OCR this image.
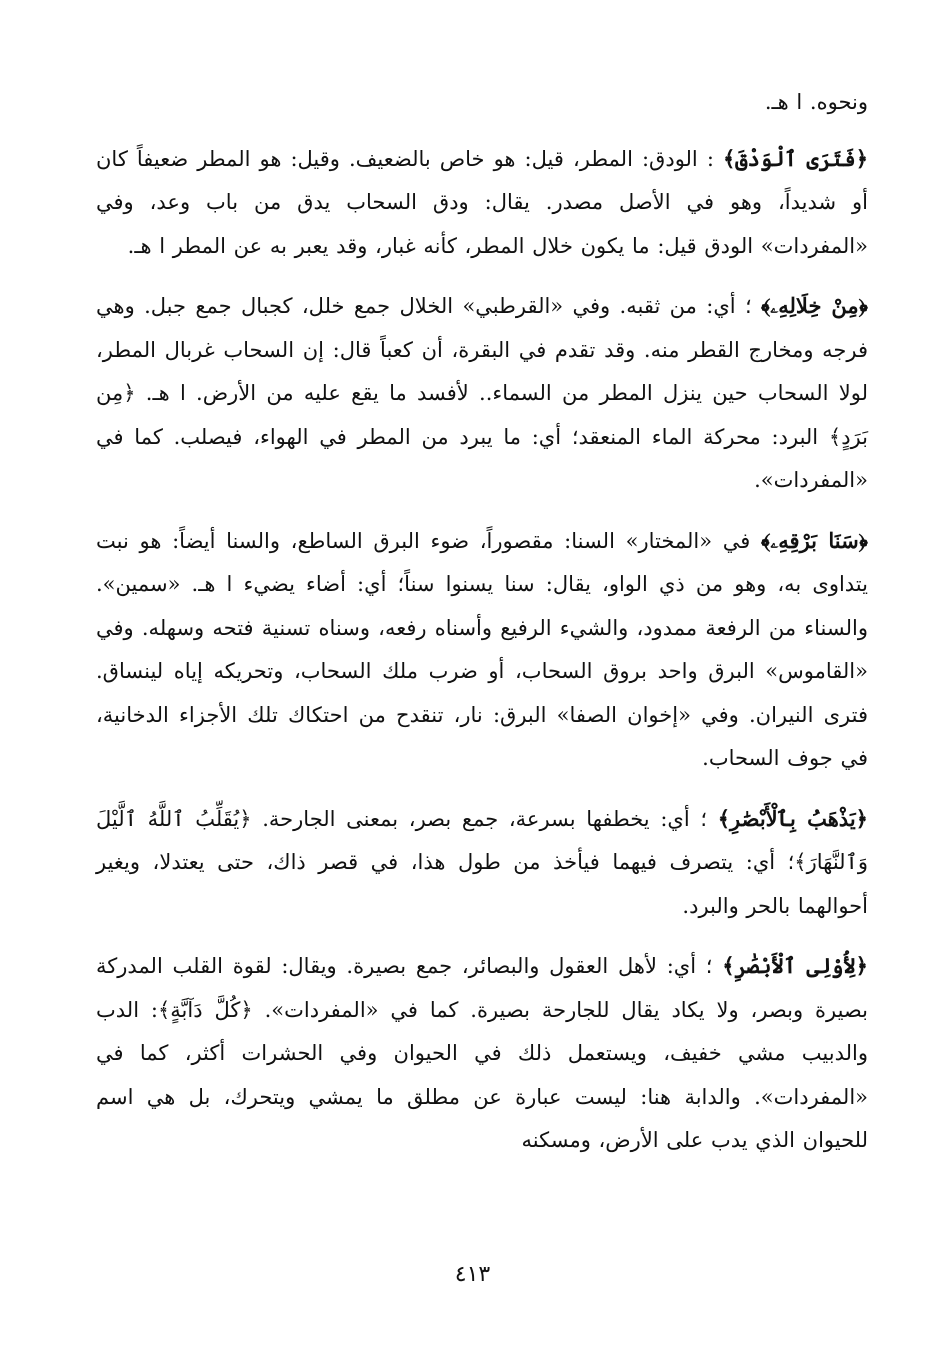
ونحوه. ا هـ.

﴿فَتَرَى ٱلْوَدْقَ﴾ : الودق: المطر، قيل: هو خاص بالضعيف. وقيل: هو المطر ضعيفاً كان أو شديداً، وهو في الأصل مصدر. يقال: ودق السحاب يدق من باب وعد، وفي «المفردات» الودق قيل: ما يكون خلال المطر، كأنه غبار، وقد يعبر به عن المطر ا هـ.

﴿مِنْ خِلَالِهِۦ﴾ ؛ أي: من ثقبه. وفي «القرطبي» الخلال جمع خلل، كجبال جمع جبل. وهي فرجه ومخارج القطر منه. وقد تقدم في البقرة، أن كعباً قال: إن السحاب غربال المطر، لولا السحاب حين ينزل المطر من السماء.. لأفسد ما يقع عليه من الأرض. ا هـ. ﴿مِن بَرَدٍ﴾ البرد: محركة الماء المنعقد؛ أي: ما يبرد من المطر في الهواء، فيصلب. كما في «المفردات».

﴿سَنَا بَرْقِهِۦ﴾ في «المختار» السنا: مقصوراً، ضوء البرق الساطع، والسنا أيضاً: هو نبت يتداوى به، وهو من ذي الواو، يقال: سنا يسنوا سناً؛ أي: أضاء يضيء ا هـ. «سمين». والسناء من الرفعة ممدود، والشيء الرفيع وأسناه رفعه، وسناه تسنية فتحه وسهله. وفي «القاموس» البرق واحد بروق السحاب، أو ضرب ملك السحاب، وتحريكه إياه لينساق. فترى النيران. وفي «إخوان الصفا» البرق: نار، تنقدح من احتكاك تلك الأجزاء الدخانية، في جوف السحاب.

﴿يَذْهَبُ بِٱلْأَبْصَٰرِ﴾ ؛ أي: يخطفها بسرعة، جمع بصر، بمعنى الجارحة. ﴿يُقَلِّبُ ٱللَّهُ ٱلَّيْلَ وَٱلنَّهَارَ﴾؛ أي: يتصرف فيهما فيأخذ من طول هذا، في قصر ذاك، حتى يعتدلا، ويغير أحوالهما بالحر والبرد.

﴿لِأُوْلِى ٱلْأَبْصَٰرِ﴾ ؛ أي: لأهل العقول والبصائر، جمع بصيرة. ويقال: لقوة القلب المدركة بصيرة وبصر، ولا يكاد يقال للجارحة بصيرة. كما في «المفردات». ﴿كُلَّ دَآبَّةٍ﴾: الدب والدبيب مشي خفيف، ويستعمل ذلك في الحيوان وفي الحشرات أكثر، كما في «المفردات». والدابة هنا: ليست عبارة عن مطلق ما يمشي ويتحرك، بل هي اسم للحيوان الذي يدب على الأرض، ومسكنه

٤١٣
